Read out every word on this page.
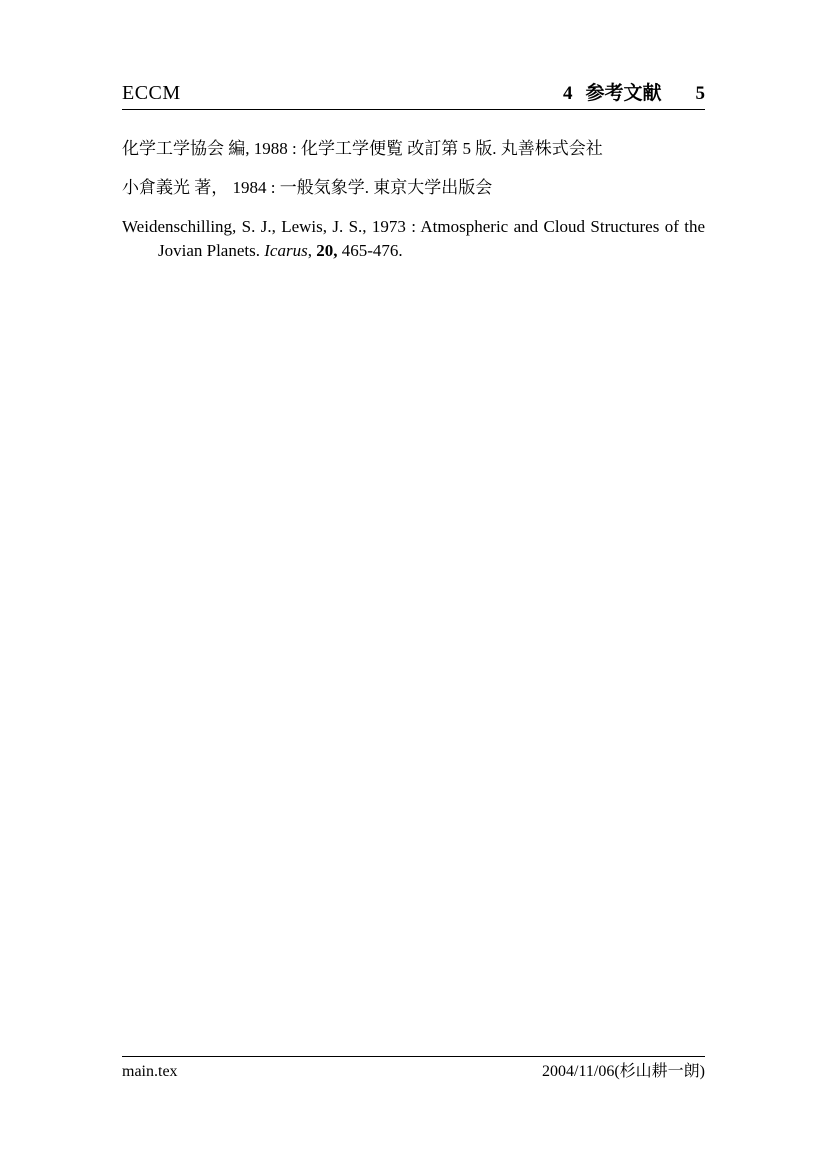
ECCM	4 参考文献 5

化学工学協会 編, 1988 : 化学工学便覧 改訂第 5 版. 丸善株式会社

小倉義光 著， 1984 : 一般気象学. 東京大学出版会

Weidenschilling, S. J., Lewis, J. S., 1973 : Atmospheric and Cloud Structures of the Jovian Planets. Icarus, 20, 465-476.

main.tex	2004/11/06(杉山耕一朗)
